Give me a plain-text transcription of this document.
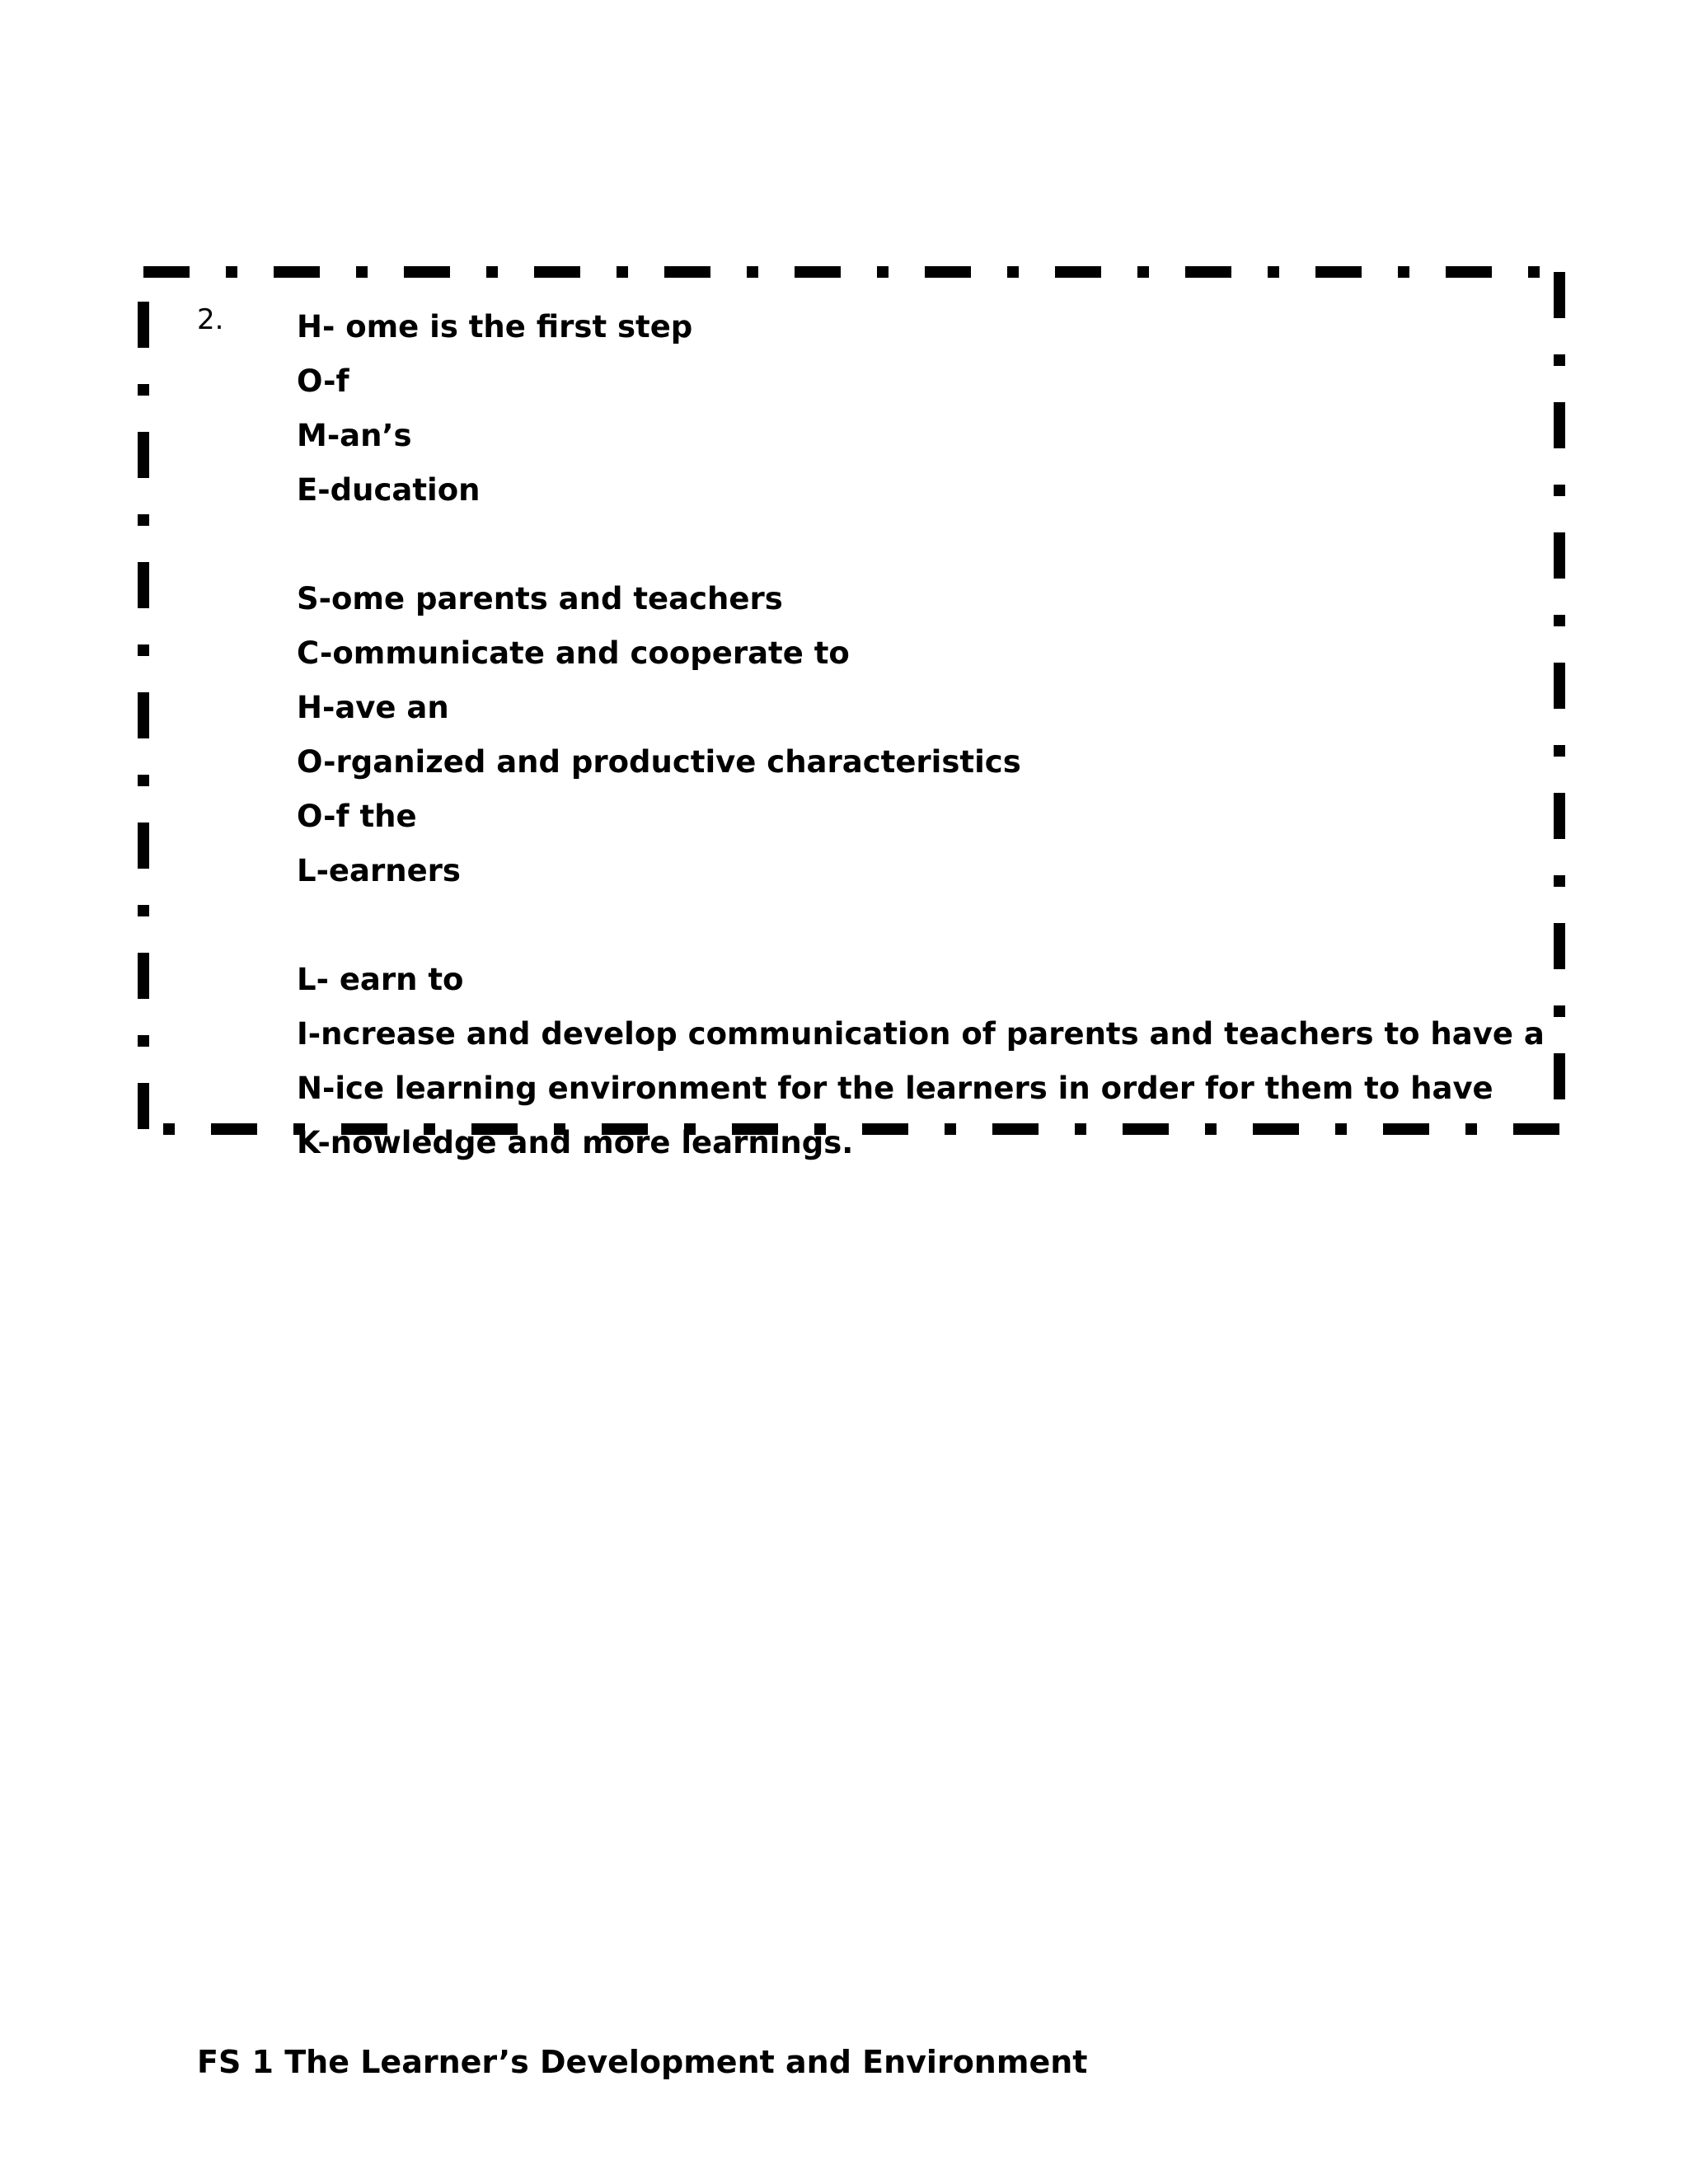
2. H- ome is the first step
O-f
M-an’s
E-ducation
S-ome parents and teachers
C-ommunicate and cooperate to
H-ave an
O-rganized and productive characteristics
O-f the
L-earners
L- earn to
I-ncrease and develop communication of parents and teachers to have a
N-ice learning environment for the learners in order for them to have
K-nowledge and more learnings.
FS 1 The Learner’s Development and Environment
